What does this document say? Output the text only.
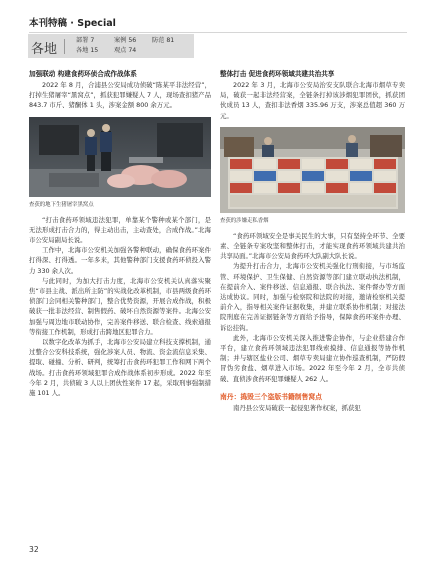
本刊特稿 · Special
各地
部署 7	案例 56	防范 81
各地 15	观点 74
加强联动 构建食药环侦合成作战体系

2022 年 8 月，合浦县公安局成功侦破“陈某平非法经营”，打掉生猪屠宰“黑窝点”，抓获犯罪嫌疑人 7 人，现场查扣猪产品 843.7 市斤、猪酮体 1 头，涉案金额 800 余万元。

查获的地下生猪屠宰黑窝点

“打击食药环领域违法犯罪，单靠某个警种或某个部门，是无法形成打击合力的，得主动出击，主动查处，合成作战。”北海市公安局副局长说。

工作中，北海市公安机关加强各警种联动，确保食药环案件打得深、打得透。一年多来，其他警种部门支援食药环侦投入警力 330 余人次。

与此同时，为加大打击力度，北海市公安机关认真落实聚焦“市县主战、派出所主防”的实战化改革机制，市县两级食药环侦部门会同相关警种部门，整合优势资源，开展合成作战，积极破获一批非法经营、制售假药、破坏自然资源等案件。北海公安加强与周边地市联动协作，完善案件移送、联合检查、线索通报等衔接工作机制，形成打击跨地区犯罪合力。

以数字化改革为抓手，北海市公安局建立科技支撑机制，通过整合公安科技系统，强化涉案人员、物流、资金流信息采集、提取、碰撞、分析、研判，统筹打击食药环犯罪工作和网下两个战场。打击食药环领域犯罪合成作战体系初步形成。2022 年至今年 2 月，共侦破 3 人以上团伙性案件 17 起，采取刑事强制措施 101 人。

整体打击 促进食药环领域共建共治共享

2022 年 3 月，北海市公安局治安支队联合北海市烟草专卖局，破获一起非法经营案，全链条打掉该涉烟犯罪团伙，抓获团伙成员 13 人，查扣非法香烟 335.96 万支，涉案总值超 360 万元。

查获的涉嫌走私香烟

“食药环领域安全是事关民生的大事，只有坚持全环节、全要素、全链条专案攻坚和整体打击，才能实现食药环领域共建共治共享局面。”北海市公安局食药环大队副大队长说。

为提升打击合力，北海市公安机关强化行刑衔接，与市场监管、环境保护、卫生保健、自然资源等部门建立联动执法机制，在提前介入、案件移送、信息通报、联合执法、案件督办等方面达成协议。同时，加强与检察院和法院的对接，邀请检察机关提前介入，指导相关案件证据收集，并建立联系协作机制；对接法院刑庭在完善证据链条等方面给予指导，保障食药环案件办理、诉讼挂钩。

此外，北海市公安机关深入推进警企协作，与企业搭建合作平台，建立食药环领域违法犯罪线索摸排、信息通报等协作机制；并与辖区盐业公司、烟草专卖局建立协作巡查机制，严防假冒伪劣食盐、烟草进入市场。2022 年至今年 2 月，全市共侦破、直侦涉食药环犯罪嫌疑人 262 人。

南丹：捣毁三个盗版书籍制售窝点

南丹县公安局破获一起侵犯著作权案，抓获犯

32
